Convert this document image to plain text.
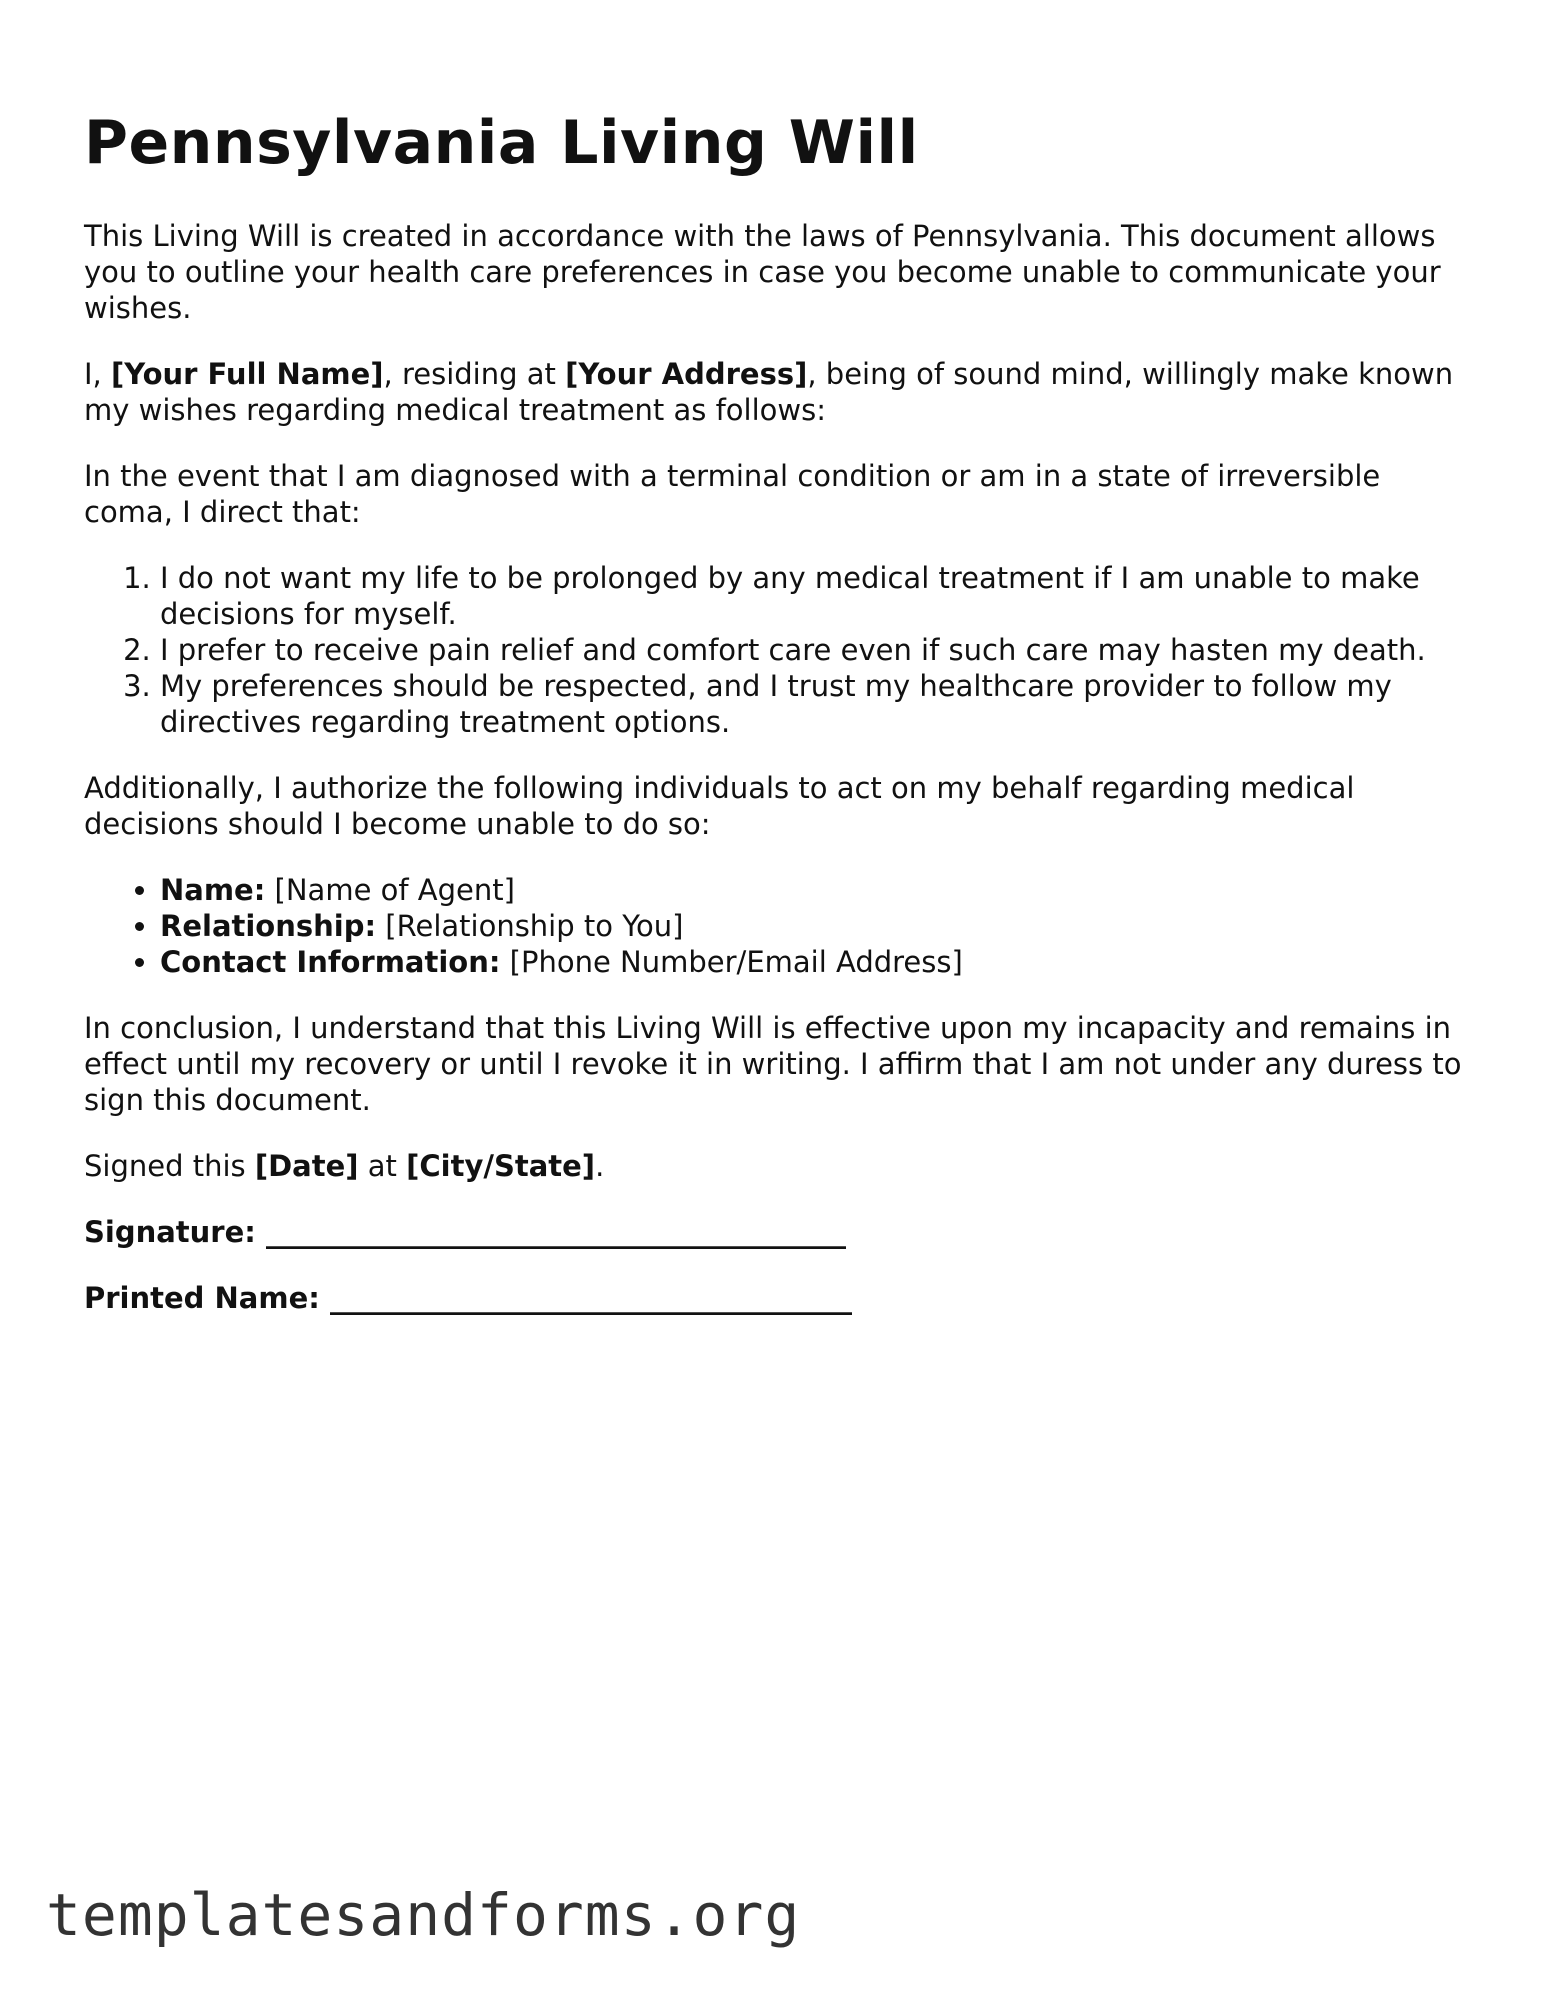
Pennsylvania Living Will

This Living Will is created in accordance with the laws of Pennsylvania. This document allows you to outline your health care preferences in case you become unable to communicate your wishes.

I, [Your Full Name], residing at [Your Address], being of sound mind, willingly make known my wishes regarding medical treatment as follows:

In the event that I am diagnosed with a terminal condition or am in a state of irreversible coma, I direct that:

1. I do not want my life to be prolonged by any medical treatment if I am unable to make decisions for myself.
2. I prefer to receive pain relief and comfort care even if such care may hasten my death.
3. My preferences should be respected, and I trust my healthcare provider to follow my directives regarding treatment options.

Additionally, I authorize the following individuals to act on my behalf regarding medical decisions should I become unable to do so:

• Name: [Name of Agent]
• Relationship: [Relationship to You]
• Contact Information: [Phone Number/Email Address]

In conclusion, I understand that this Living Will is effective upon my incapacity and remains in effect until my recovery or until I revoke it in writing. I affirm that I am not under any duress to sign this document.

Signed this [Date] at [City/State].

Signature: ________________________________________

Printed Name: ____________________________________

templatesandforms.org
